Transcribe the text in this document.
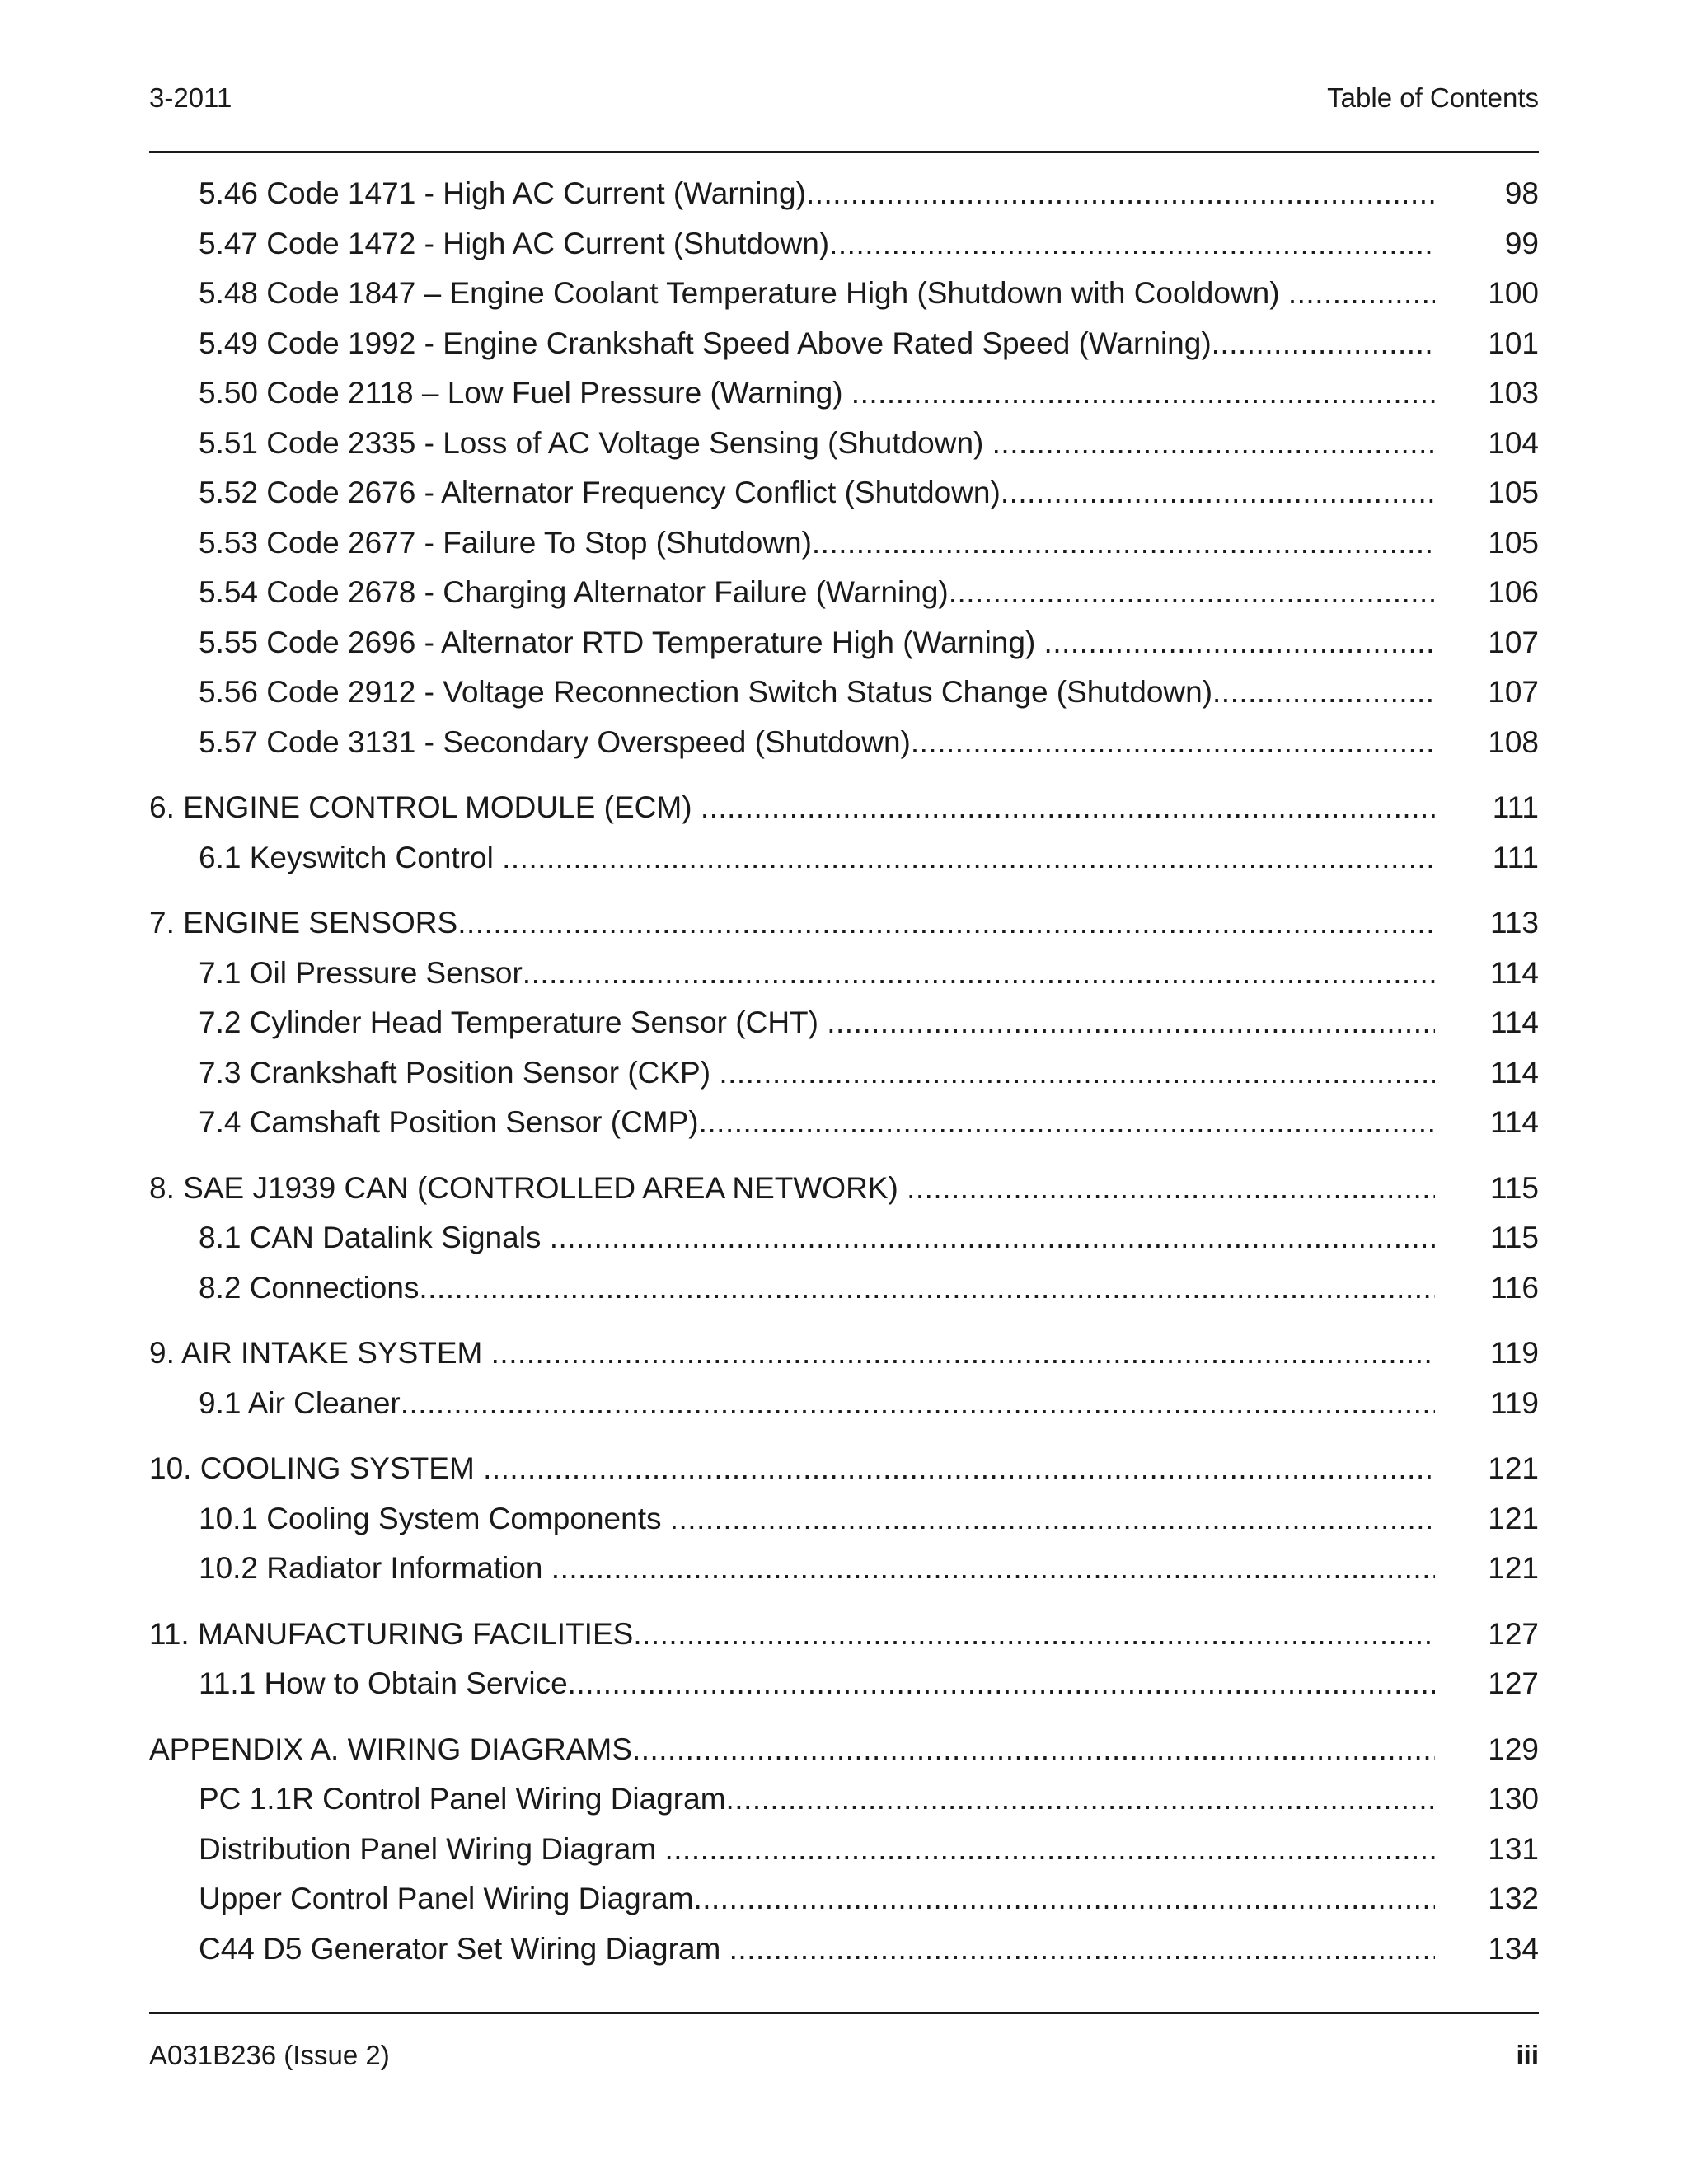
3-2011	Table of Contents
5.46 Code 1471 - High AC Current (Warning) .....	98
5.47 Code 1472 - High AC Current (Shutdown) .....	99
5.48 Code 1847 – Engine Coolant Temperature High (Shutdown with Cooldown) .....	100
5.49 Code 1992 - Engine Crankshaft Speed Above Rated Speed (Warning) .....	101
5.50 Code 2118 – Low Fuel Pressure (Warning) .....	103
5.51 Code 2335 - Loss of AC Voltage Sensing (Shutdown) .....	104
5.52 Code 2676 - Alternator Frequency Conflict (Shutdown) .....	105
5.53 Code 2677 - Failure To Stop (Shutdown) .....	105
5.54 Code 2678 - Charging Alternator Failure (Warning) .....	106
5.55 Code 2696 - Alternator RTD Temperature High (Warning) .....	107
5.56 Code 2912 - Voltage Reconnection Switch Status Change (Shutdown) .....	107
5.57 Code 3131 - Secondary Overspeed (Shutdown) .....	108
6. ENGINE CONTROL MODULE (ECM) .....	111
6.1 Keyswitch Control .....	111
7. ENGINE SENSORS .....	113
7.1 Oil Pressure Sensor .....	114
7.2 Cylinder Head Temperature Sensor (CHT) .....	114
7.3 Crankshaft Position Sensor (CKP) .....	114
7.4 Camshaft Position Sensor (CMP) .....	114
8. SAE J1939 CAN (CONTROLLED AREA NETWORK) .....	115
8.1 CAN Datalink Signals .....	115
8.2 Connections .....	116
9. AIR INTAKE SYSTEM .....	119
9.1 Air Cleaner .....	119
10. COOLING SYSTEM .....	121
10.1 Cooling System Components .....	121
10.2 Radiator Information .....	121
11. MANUFACTURING FACILITIES .....	127
11.1 How to Obtain Service .....	127
APPENDIX A. WIRING DIAGRAMS .....	129
PC 1.1R Control Panel Wiring Diagram .....	130
Distribution Panel Wiring Diagram .....	131
Upper Control Panel Wiring Diagram .....	132
C44 D5 Generator Set Wiring Diagram .....	134
A031B236 (Issue 2)	iii
